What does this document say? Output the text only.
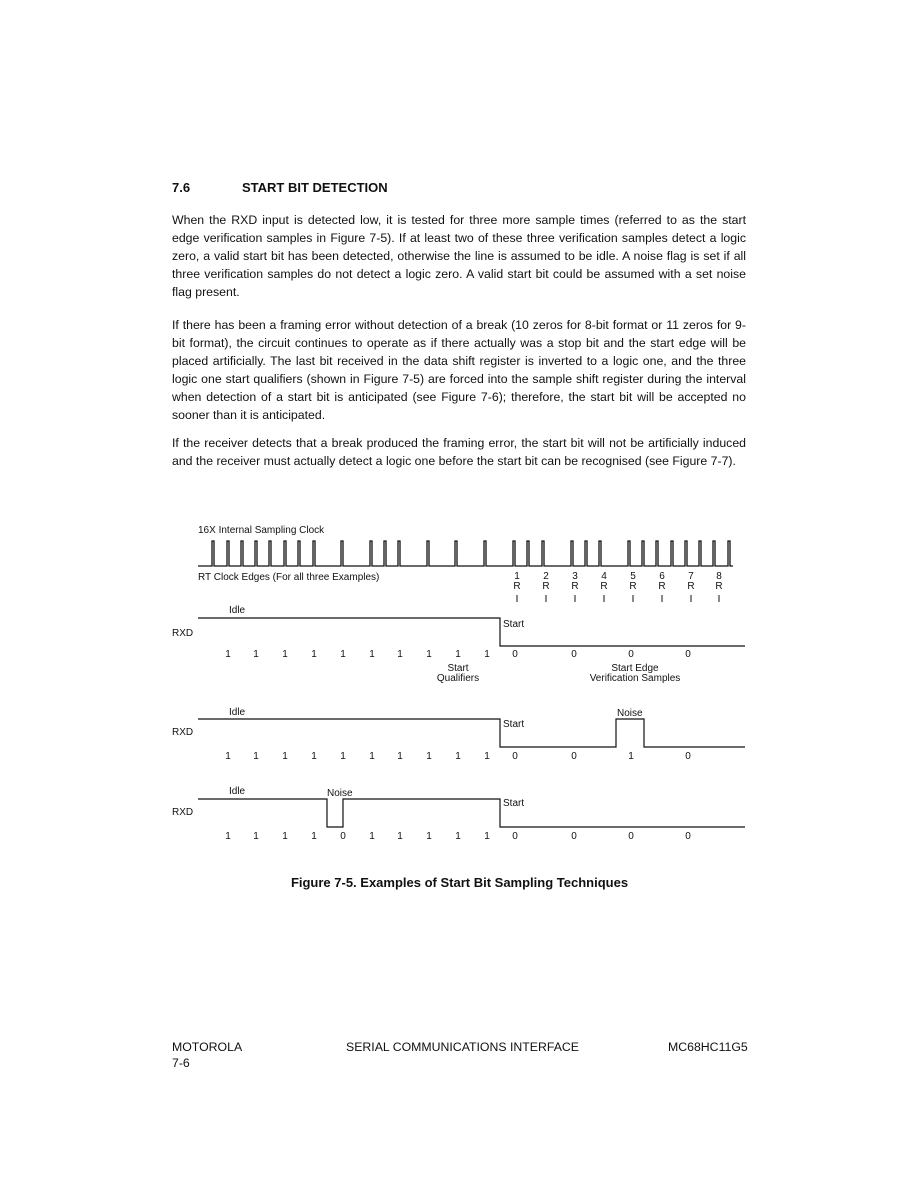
7.6	START BIT DETECTION

When the RXD input is detected low, it is tested for three more sample times (referred to as the start edge verification samples in Figure 7-5). If at least two of these three verification samples detect a logic zero, a valid start bit has been detected, otherwise the line is assumed to be idle. A noise flag is set if all three verification samples do not detect a logic zero. A valid start bit could be assumed with a set noise flag present.

If there has been a framing error without detection of a break (10 zeros for 8-bit format or 11 zeros for 9-bit format), the circuit continues to operate as if there actually was a stop bit and the start edge will be placed artificially. The last bit received in the data shift register is inverted to a logic one, and the three logic one start qualifiers (shown in Figure 7-5) are forced into the sample shift register during the interval when detection of a start bit is anticipated (see Figure 7-6); therefore, the start bit will be accepted no sooner than it is anticipated.

If the receiver detects that a break produced the framing error, the start bit will not be artificially induced and the receiver must actually detect a logic one before the start bit can be recognised (see Figure 7-7).

16X Internal Sampling Clock
RT Clock Edges (For all three Examples)	1
R
2
R
3
R
4
R
5
R
6
R
7
R
8
R
RXD
Idle
Start
1 1 1 1 1 1 1 1 1 1 0	0	0	0
Start
Qualifiers
Start Edge
Verification Samples
RXD
Idle
Start
Noise
1 1 1 1 1 1 1 1 1 1 0	0	1	0
RXD
Idle	Noise
Start
1 1 1 1 0 1 1 1 1 1 0	0	0	0
Figure 7-5. Examples of Start Bit Sampling Techniques
MOTOROLA
7-6
SERIAL COMMUNICATIONS INTERFACE	MC68HC11G5
